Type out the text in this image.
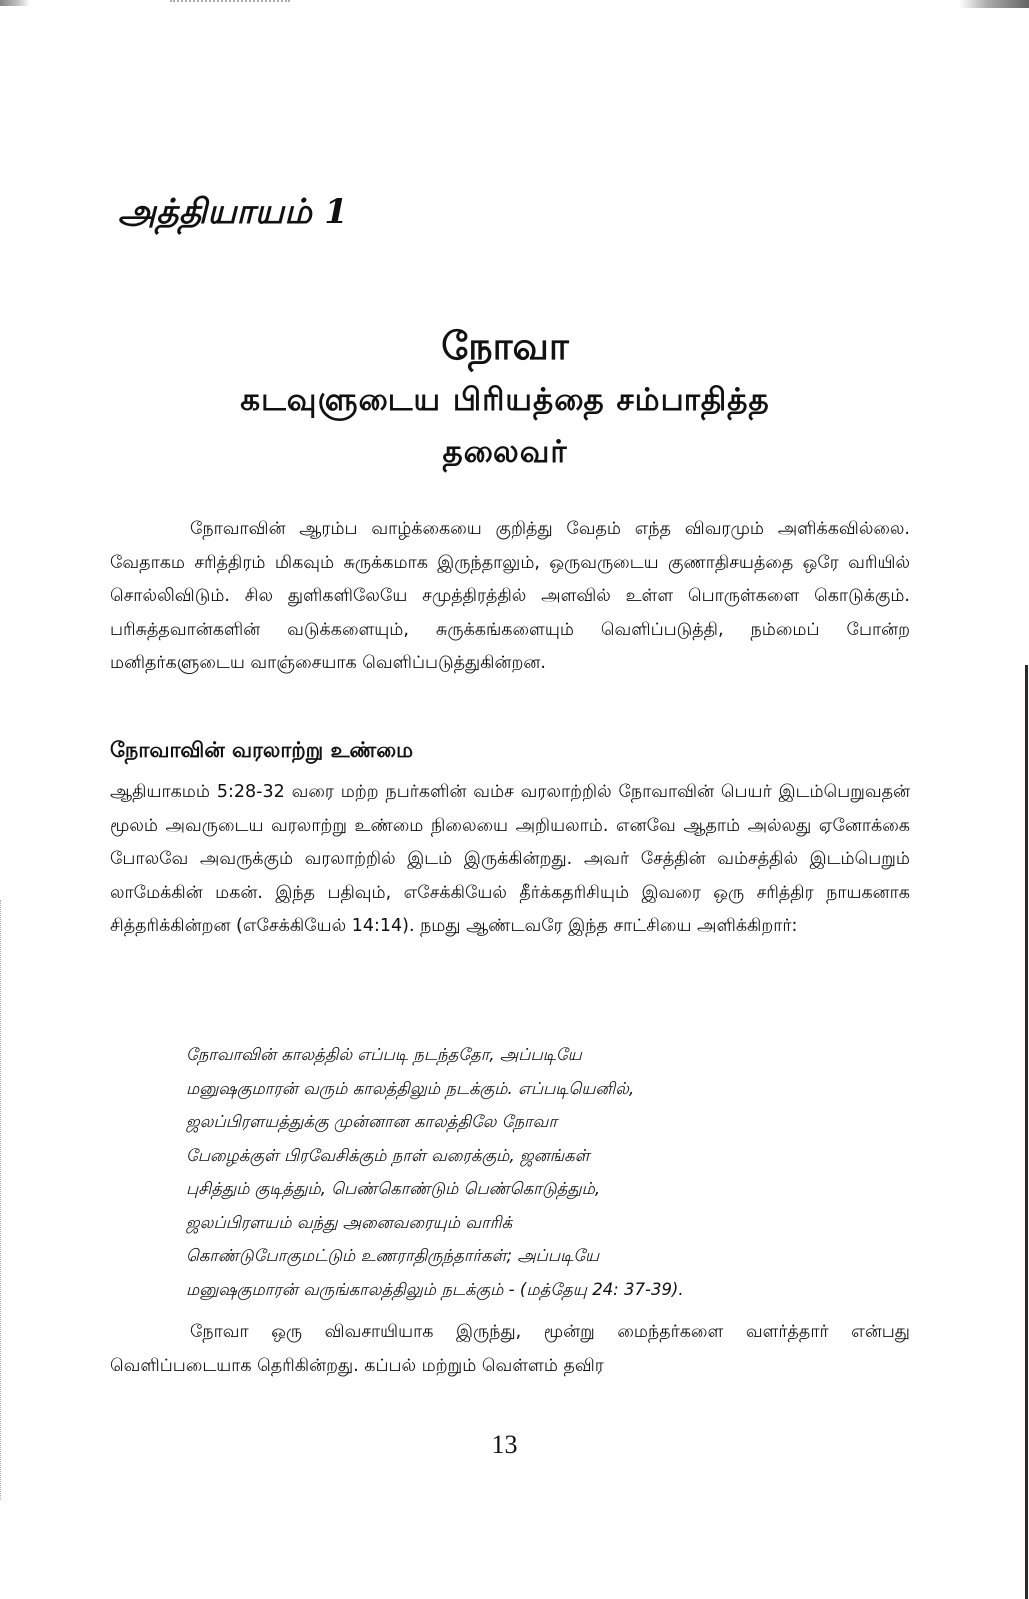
அத்தியாயம் 1
நோவா
கடவுளுடைய பிரியத்தை சம்பாதித்த
தலைவர்

நோவாவின் ஆரம்ப வாழ்க்கையை குறித்து வேதம் எந்த விவரமும் அளிக்கவில்லை. வேதாகம சரித்திரம் மிகவும் சுருக்கமாக இருந்தாலும், ஒருவருடைய குணாதிசயத்தை ஒரே வரியில் சொல்லிவிடும். சில துளிகளிலேயே சமுத்திரத்தில் அளவில் உள்ள பொருள்களை கொடுக்கும். பரிசுத்தவான்களின் வடுக்களையும், சுருக்கங்களையும் வெளிப்படுத்தி, நம்மைப் போன்ற மனிதர்களுடைய வாஞ்சையாக வெளிப்படுத்துகின்றன.

நோவாவின் வரலாற்று உண்மை

ஆதியாகமம் 5:28-32 வரை மற்ற நபர்களின் வம்ச வரலாற்றில் நோவாவின் பெயர் இடம்பெறுவதன் மூலம் அவருடைய வரலாற்று உண்மை நிலையை அறியலாம். எனவே ஆதாம் அல்லது ஏனோக்கை போலவே அவருக்கும் வரலாற்றில் இடம் இருக்கின்றது. அவர் சேத்தின் வம்சத்தில் இடம்பெறும் லாமேக்கின் மகன். இந்த பதிவும், எசேக்கியேல் தீர்க்கதரிசியும் இவரை ஒரு சரித்திர நாயகனாக சித்தரிக்கின்றன (எசேக்கியேல் 14:14). நமது ஆண்டவரே இந்த சாட்சியை அளிக்கிறார்:

நோவாவின் காலத்தில் எப்படி நடந்ததோ, அப்படியே
மனுஷகுமாரன் வரும் காலத்திலும் நடக்கும். எப்படியெனில்,
ஜலப்பிரளயத்துக்கு முன்னான காலத்திலே நோவா
பேழைக்குள் பிரவேசிக்கும் நாள் வரைக்கும், ஜனங்கள்
புசித்தும் குடித்தும், பெண்கொண்டும் பெண்கொடுத்தும்,
ஜலப்பிரளயம் வந்து அனைவரையும் வாரிக்
கொண்டுபோகுமட்டும் உணராதிருந்தார்கள்; அப்படியே
மனுஷகுமாரன் வருங்காலத்திலும் நடக்கும் - (மத்தேயு 24: 37-39).

நோவா ஒரு விவசாயியாக இருந்து, மூன்று மைந்தர்களை வளர்த்தார் என்பது வெளிப்படையாக தெரிகின்றது. கப்பல் மற்றும் வெள்ளம் தவிர

13
